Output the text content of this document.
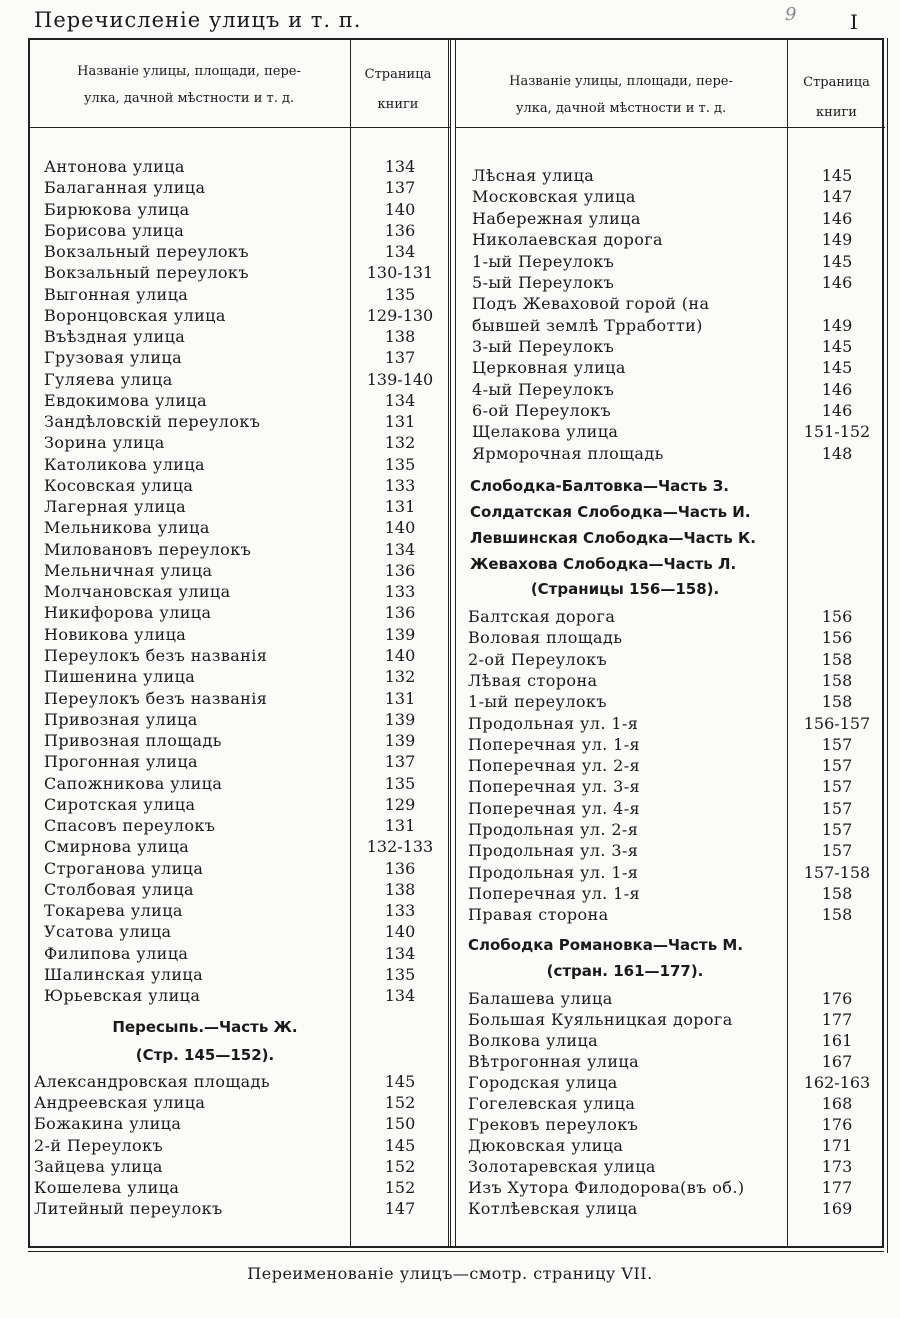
Перечисленіе улицъ и т. п.	9	I
Названіе улицы, площади, пере-
улка, дачной мѣстности и т. д.
Страница
книги
Названіе улицы, площади, пере-
улка, дачной мѣстности и т. д.
Страница
книги
Антонова улица	134
Балаганная улица	137
Бирюкова улица	140
Борисова улица	136
Вокзальный переулокъ	134
Вокзальный переулокъ	130-131
Выгонная улица	135
Воронцовская улица	129-130
Въѣздная улица	138
Грузовая улица	137
Гуляева улица	139-140
Евдокимова улица	134
Зандѣловскій переулокъ	131
Зорина улица	132
Католикова улица	135
Косовская улица	133
Лагерная улица	131
Мельникова улица	140
Миловановъ переулокъ	134
Мельничная улица	136
Молчановская улица	133
Никифорова улица	136
Новикова улица	139
Переулокъ безъ названія	140
Пишенина улица	132
Переулокъ безъ названія	131
Привозная улица	139
Привозная площадь	139
Прогонная улица	137
Сапожникова улица	135
Сиротская улица	129
Спасовъ переулокъ	131
Смирнова улица	132-133
Строганова улица	136
Столбовая улица	138
Токарева улица	133
Усатова улица	140
Филипова улица	134
Шалинская улица	135
Юрьевская улица	134
Пересыпь.—Часть Ж.
(Стр. 145—152).
Александровская площадь	145
Андреевская улица	152
Божакина улица	150
2-й Переулокъ	145
Зайцева улица	152
Кошелева улица	152
Литейный переулокъ	147
Лѣсная улица	145
Московская улица	147
Набережная улица	146
Николаевская дорога	149
1-ый Переулокъ	145
5-ый Переулокъ	146
Подъ Жеваховой горой (на
бывшей землѣ Трработти)	149
3-ый Переулокъ	145
Церковная улица	145
4-ый Переулокъ	146
6-ой Переулокъ	146
Щелакова улица	151-152
Ярморочная площадь	148
Слободка-Балтовка—Часть З.
Солдатская Слободка—Часть И.
Левшинская Слободка—Часть К.
Жевахова Слободка—Часть Л.
(Страницы 156—158).
Балтская дорога	156
Воловая площадь	156
2-ой Переулокъ	158
Лѣвая сторона	158
1-ый переулокъ	158
Продольная ул. 1-я	156-157
Поперечная ул. 1-я	157
Поперечная ул. 2-я	157
Поперечная ул. 3-я	157
Поперечная ул. 4-я	157
Продольная ул. 2-я	157
Продольная ул. 3-я	157
Продольная ул. 1-я	157-158
Поперечная ул. 1-я	158
Правая сторона	158
Слободка Романовка—Часть М.
(стран. 161—177).
Балашева улица	176
Большая Куяльницкая дорога	177
Волкова улица	161
Вѣтрогонная улица	167
Городская улица	162-163
Гогелевская улица	168
Грековъ переулокъ	176
Дюковская улица	171
Золотаревская улица	173
Изъ Хутора Филодорова(въ об.)	177
Котлѣевская улица	169
Переименованіе улицъ—смотр. страницу VII.
